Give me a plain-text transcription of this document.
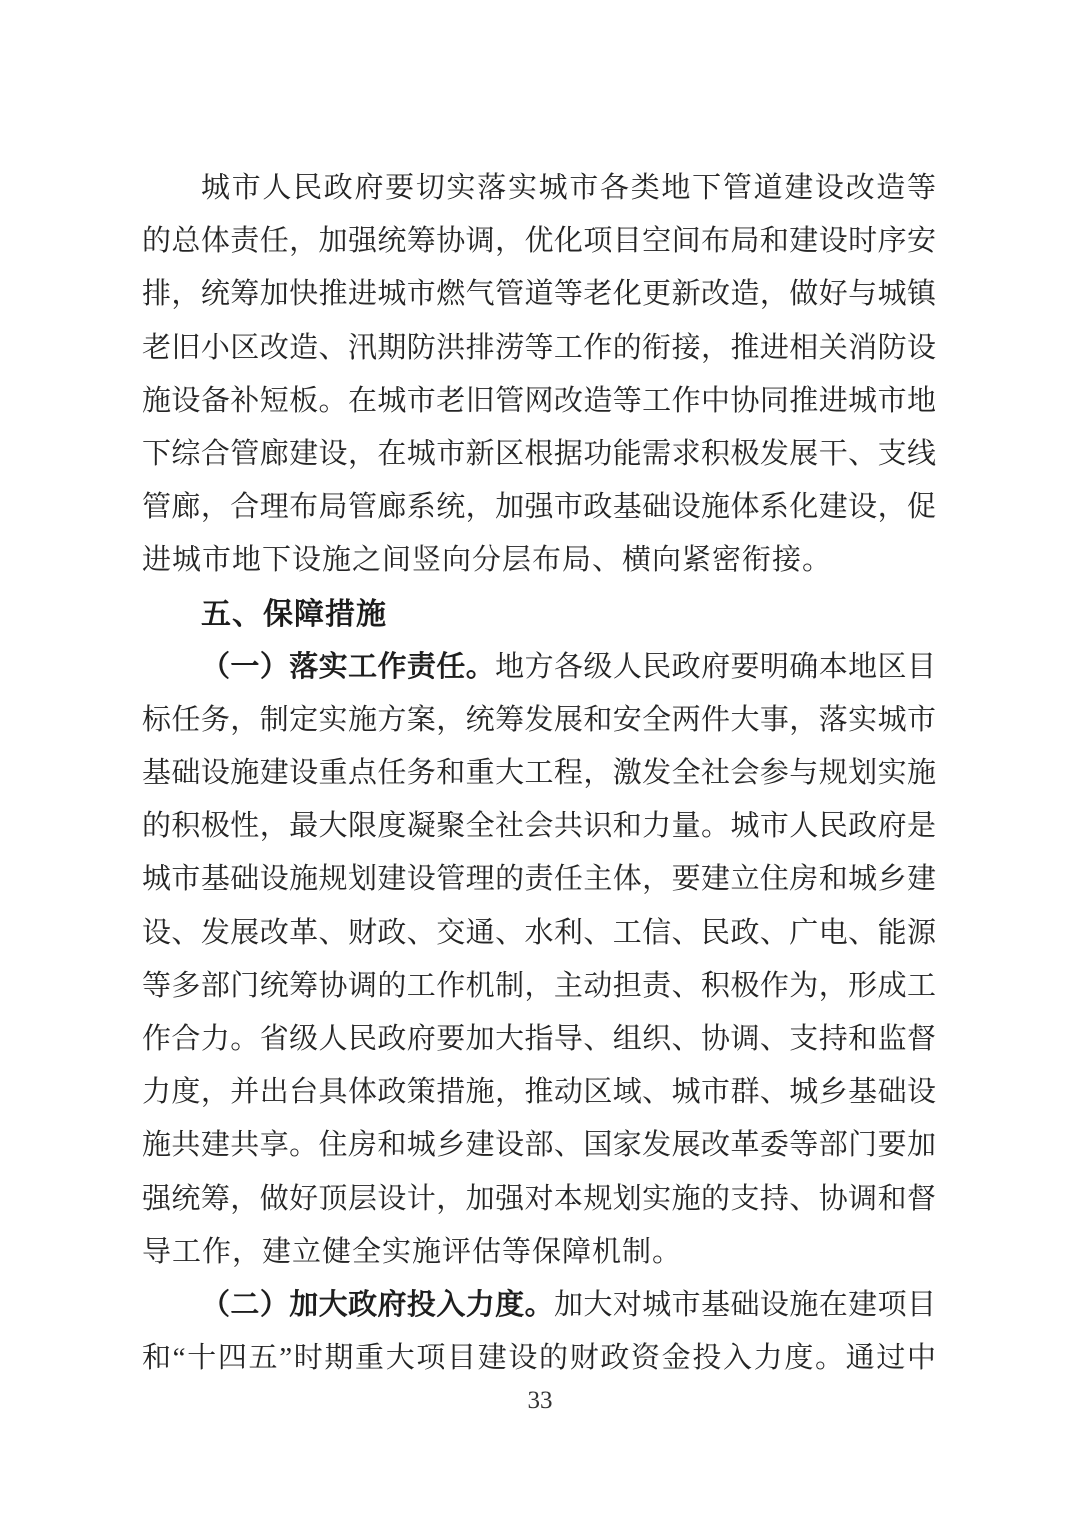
城市人民政府要切实落实城市各类地下管道建设改造等
的总体责任，加强统筹协调，优化项目空间布局和建设时序安
排，统筹加快推进城市燃气管道等老化更新改造，做好与城镇
老旧小区改造、汛期防洪排涝等工作的衔接，推进相关消防设
施设备补短板。在城市老旧管网改造等工作中协同推进城市地
下综合管廊建设，在城市新区根据功能需求积极发展干、支线
管廊，合理布局管廊系统，加强市政基础设施体系化建设，促
进城市地下设施之间竖向分层布局、横向紧密衔接。
五、保障措施
（一）落实工作责任。地方各级人民政府要明确本地区目
标任务，制定实施方案，统筹发展和安全两件大事，落实城市
基础设施建设重点任务和重大工程，激发全社会参与规划实施
的积极性，最大限度凝聚全社会共识和力量。城市人民政府是
城市基础设施规划建设管理的责任主体，要建立住房和城乡建
设、发展改革、财政、交通、水利、工信、民政、广电、能源
等多部门统筹协调的工作机制，主动担责、积极作为，形成工
作合力。省级人民政府要加大指导、组织、协调、支持和监督
力度，并出台具体政策措施，推动区域、城市群、城乡基础设
施共建共享。住房和城乡建设部、国家发展改革委等部门要加
强统筹，做好顶层设计，加强对本规划实施的支持、协调和督
导工作，建立健全实施评估等保障机制。
（二）加大政府投入力度。加大对城市基础设施在建项目
和“十四五”时期重大项目建设的财政资金投入力度。通过中
33
